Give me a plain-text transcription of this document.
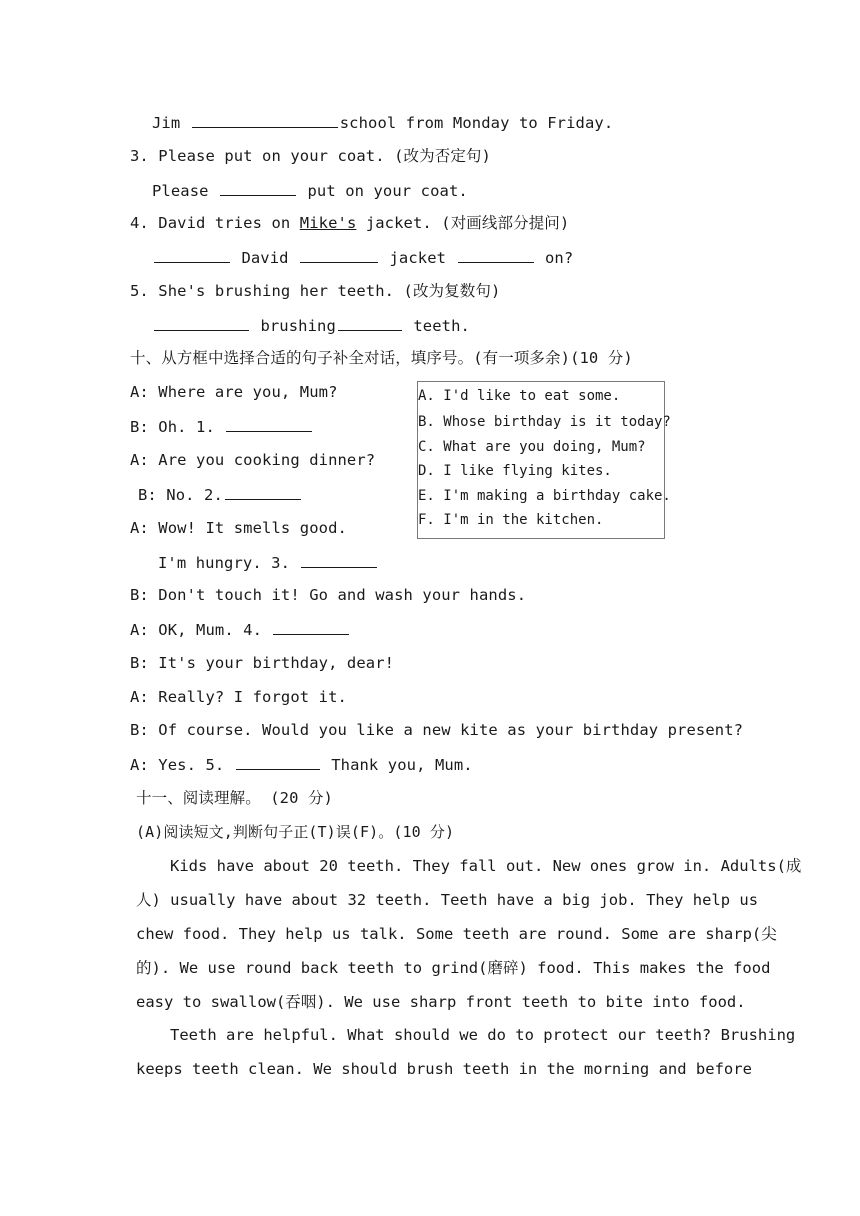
Jim	school from Monday to Friday.
3. Please put on your coat. (改为否定句)
Please	put on your coat.
4. David tries on Mike's jacket. (对画线部分提问)
David	jacket	on?
5. She's brushing her teeth. (改为复数句)
brushing	teeth.
十、从方框中选择合适的句子补全对话，填序号。(有一项多余)(10 分)
A: Where are you, Mum?
B: Oh. 1.
A: Are you cooking dinner?
B: No. 2.
A: Wow! It smells good.
I'm hungry. 3.
B: Don't touch it! Go and wash your hands.
A: OK, Mum. 4.
B: It's your birthday, dear!
A: Really? I forgot it.
B: Of course. Would you like a new kite as your birthday present?
A: Yes. 5.	Thank you, Mum.
A. I'd like to eat some.
B. Whose birthday is it today?
C. What are you doing, Mum?
D. I like flying kites.
E. I'm making a birthday cake.
F. I'm in the kitchen.
十一、阅读理解。 (20 分)
(A)阅读短文,判断句子正(T)误(F)。(10 分)
Kids have about 20 teeth. They fall out. New ones grow in. Adults(成
人) usually have about 32 teeth. Teeth have a big job. They help us
chew food. They help us talk. Some teeth are round. Some are sharp(尖
的). We use round back teeth to grind(磨碎) food. This makes the food
easy to swallow(吞咽). We use sharp front teeth to bite into food.
Teeth are helpful. What should we do to protect our teeth? Brushing
keeps teeth clean. We should brush teeth in the morning and before
